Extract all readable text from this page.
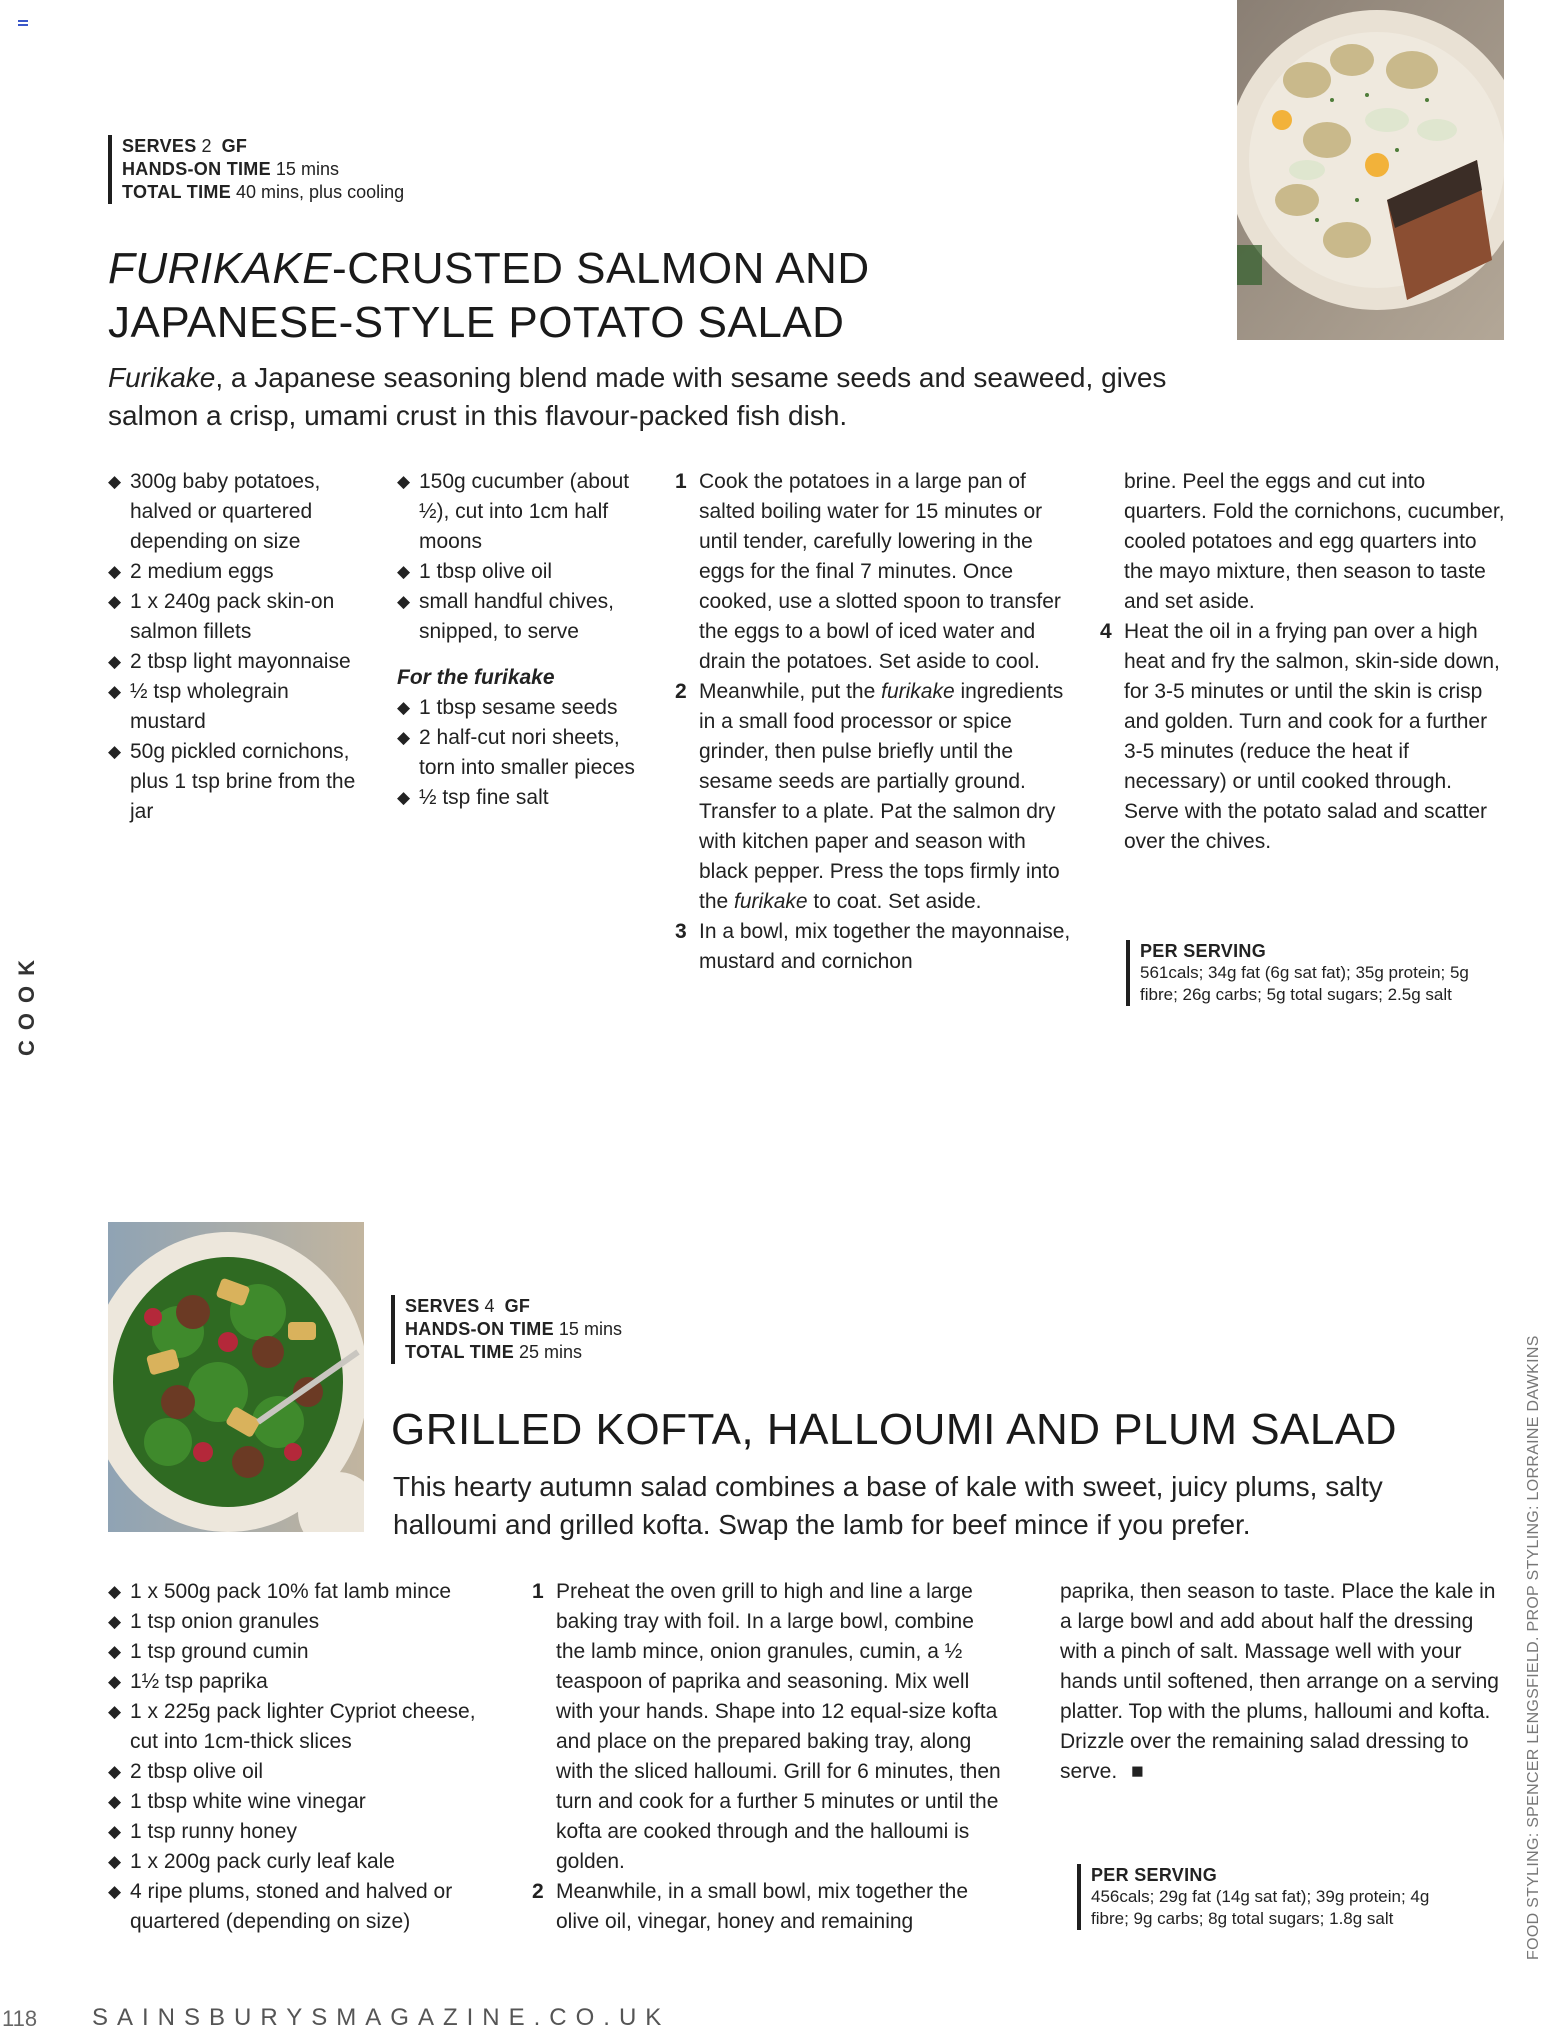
SERVES 2 GF
HANDS-ON TIME 15 mins
TOTAL TIME 40 mins, plus cooling
FURIKAKE-CRUSTED SALMON AND
JAPANESE-STYLE POTATO SALAD

Furikake, a Japanese seasoning blend made with sesame seeds and seaweed, gives salmon a crisp, umami crust in this flavour-packed fish dish.

◆ 300g baby potatoes, halved or quartered depending on size
◆ 2 medium eggs
◆ 1 x 240g pack skin-on salmon fillets
◆ 2 tbsp light mayonnaise
◆ ½ tsp wholegrain mustard
◆ 50g pickled cornichons, plus 1 tsp brine from the jar
◆ 150g cucumber (about ½), cut into 1cm half moons
◆ 1 tbsp olive oil
◆ small handful chives, snipped, to serve
For the furikake
◆ 1 tbsp sesame seeds
◆ 2 half-cut nori sheets, torn into smaller pieces
◆ ½ tsp fine salt
1 Cook the potatoes in a large pan of salted boiling water for 15 minutes or until tender, carefully lowering in the eggs for the final 7 minutes. Once cooked, use a slotted spoon to transfer the eggs to a bowl of iced water and drain the potatoes. Set aside to cool.
2 Meanwhile, put the furikake ingredients in a small food processor or spice grinder, then pulse briefly until the sesame seeds are partially ground. Transfer to a plate. Pat the salmon dry with kitchen paper and season with black pepper. Press the tops firmly into the furikake to coat. Set aside.
3 In a bowl, mix together the mayonnaise, mustard and cornichon
brine. Peel the eggs and cut into quarters. Fold the cornichons, cucumber, cooled potatoes and egg quarters into the mayo mixture, then season to taste and set aside.
4 Heat the oil in a frying pan over a high heat and fry the salmon, skin-side down, for 3-5 minutes or until the skin is crisp and golden. Turn and cook for a further 3-5 minutes (reduce the heat if necessary) or until cooked through. Serve with the potato salad and scatter over the chives.
PER SERVING
561cals; 34g fat (6g sat fat); 35g protein; 5g fibre; 26g carbs; 5g total sugars; 2.5g salt
SERVES 4 GF
HANDS-ON TIME 15 mins
TOTAL TIME 25 mins
GRILLED KOFTA, HALLOUMI AND PLUM SALAD

This hearty autumn salad combines a base of kale with sweet, juicy plums, salty halloumi and grilled kofta. Swap the lamb for beef mince if you prefer.

◆ 1 x 500g pack 10% fat lamb mince
◆ 1 tsp onion granules
◆ 1 tsp ground cumin
◆ 1½ tsp paprika
◆ 1 x 225g pack lighter Cypriot cheese, cut into 1cm-thick slices
◆ 2 tbsp olive oil
◆ 1 tbsp white wine vinegar
◆ 1 tsp runny honey
◆ 1 x 200g pack curly leaf kale
◆ 4 ripe plums, stoned and halved or quartered (depending on size)
1 Preheat the oven grill to high and line a large baking tray with foil. In a large bowl, combine the lamb mince, onion granules, cumin, a ½ teaspoon of paprika and seasoning. Mix well with your hands. Shape into 12 equal-size kofta and place on the prepared baking tray, along with the sliced halloumi. Grill for 6 minutes, then turn and cook for a further 5 minutes or until the kofta are cooked through and the halloumi is golden.
2 Meanwhile, in a small bowl, mix together the olive oil, vinegar, honey and remaining
paprika, then season to taste. Place the kale in a large bowl and add about half the dressing with a pinch of salt. Massage well with your hands until softened, then arrange on a serving platter. Top with the plums, halloumi and kofta. Drizzle over the remaining salad dressing to serve. ■
PER SERVING
456cals; 29g fat (14g sat fat); 39g protein; 4g fibre; 9g carbs; 8g total sugars; 1.8g salt
COOK
FOOD STYLING: SPENCER LENGSFIELD. PROP STYLING: LORRAINE DAWKINS
118 SAINSBURYSMAGAZINE.CO.UK
